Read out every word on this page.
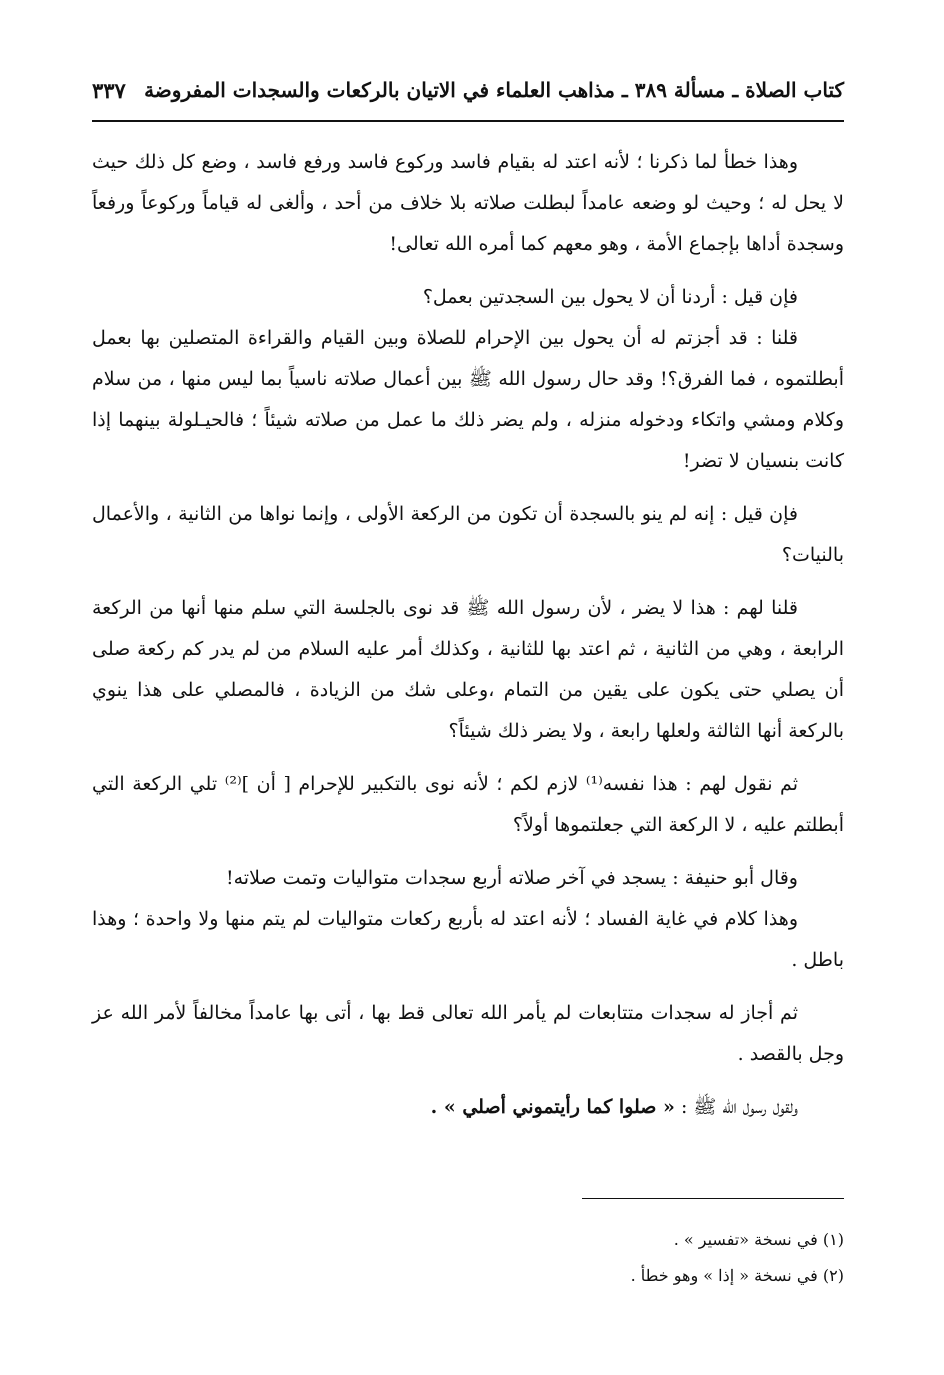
كتاب الصلاة ـ مسألة ٣٨٩ ـ مذاهب العلماء في الاتيان بالركعات والسجدات المفروضة
٣٣٧

وهذا خطأ لما ذكرنا ؛ لأنه اعتد له بقيام فاسد وركوع فاسد ورفع فاسد ، وضع كل ذلك حيث لا يحل له ؛ وحيث لو وضعه عامداً لبطلت صلاته بلا خلاف من أحد ، وألغى له قياماً وركوعاً ورفعاً وسجدة أداها بإجماع الأمة ، وهو معهم كما أمره الله تعالى!

فإن قيل : أردنا أن لا يحول بين السجدتين بعمل؟

قلنا : قد أجزتم له أن يحول بين الإحرام للصلاة وبين القيام والقراءة المتصلين بها بعمل أبطلتموه ، فما الفرق؟! وقد حال رسول الله ﷺ بين أعمال صلاته ناسياً بما ليس منها ، من سلام وكلام ومشي واتكاء ودخوله منزله ، ولم يضر ذلك ما عمل من صلاته شيئاً ؛ فالحيـلولة بينهما إذا كانت بنسيان لا تضر!

فإن قيل : إنه لم ينو بالسجدة أن تكون من الركعة الأولى ، وإنما نواها من الثانية ، والأعمال بالنيات؟

قلنا لهم : هذا لا يضر ، لأن رسول الله ﷺ قد نوى بالجلسة التي سلم منها أنها من الركعة الرابعة ، وهي من الثانية ، ثم اعتد بها للثانية ، وكذلك أمر عليه السلام من لم يدر كم ركعة صلى أن يصلي حتى يكون على يقين من التمام ،وعلى شك من الزيادة ، فالمصلي على هذا ينوي بالركعة أنها الثالثة ولعلها رابعة ، ولا يضر ذلك شيئاً؟

ثم نقول لهم : هذا نفسه⁽¹⁾ لازم لكم ؛ لأنه نوى بالتكبير للإحرام [ أن ]⁽²⁾ تلي الركعة التي أبطلتم عليه ، لا الركعة التي جعلتموها أولاً؟

وقال أبو حنيفة : يسجد في آخر صلاته أربع سجدات متواليات وتمت صلاته!

وهذا كلام في غاية الفساد ؛ لأنه اعتد له بأربع ركعات متواليات لم يتم منها ولا واحدة ؛ وهذا باطل .

ثم أجاز له سجدات متتابعات لم يأمر الله تعالى قط بها ، أتى بها عامداً مخالفاً لأمر الله عز وجل بالقصد .

ولقول رسول الله ﷺ : « صلوا كما رأيتموني أصلي » .

(١) في نسخة «تفسير » .

(٢) في نسخة « إذا » وهو خطأ .
